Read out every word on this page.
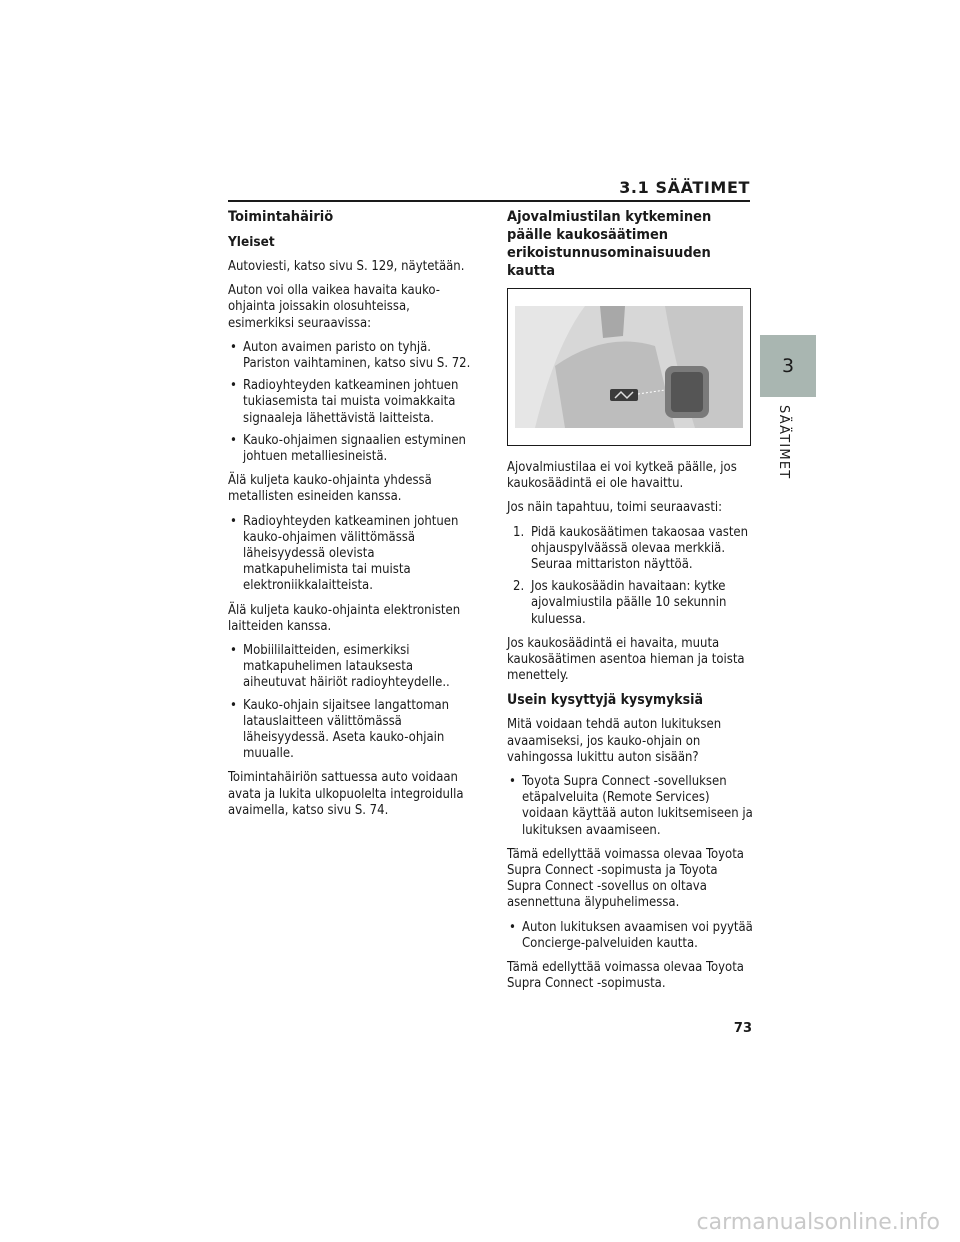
3.1 SÄÄTIMET
3
SÄÄTIMET
Toimintahäiriö
Yleiset

Autoviesti, katso sivu S. 129, näytetään.

Auton voi olla vaikea havaita kauko-ohjainta joissakin olosuhteissa, esimerkiksi seuraavissa:

• Auton avaimen paristo on tyhjä. Pariston vaihtaminen, katso sivu S. 72.
• Radioyhteyden katkeaminen johtuen tukiasemista tai muista voimakkaita signaaleja lähettävistä laitteista.
• Kauko-ohjaimen signaalien estyminen johtuen metalliesineistä.

Älä kuljeta kauko-ohjainta yhdessä metallisten esineiden kanssa.

• Radioyhteyden katkeaminen johtuen kauko-ohjaimen välittömässä läheisyydessä olevista matkapuhelimista tai muista elektroniikkalaitteista.

Älä kuljeta kauko-ohjainta elektronisten laitteiden kanssa.

• Mobiililaitteiden, esimerkiksi matkapuhelimen latauksesta aiheutuvat häiriöt radioyhteydelle..
• Kauko-ohjain sijaitsee langattoman latauslaitteen välittömässä läheisyydessä. Aseta kauko-ohjain muualle.

Toimintahäiriön sattuessa auto voidaan avata ja lukita ulkopuolelta integroidulla avaimella, katso sivu S. 74.

Ajovalmiustilan kytkeminen päälle kaukosäätimen erikoistunnusominaisuuden kautta

Ajovalmiustilaa ei voi kytkeä päälle, jos kaukosäädintä ei ole havaittu.

Jos näin tapahtuu, toimi seuraavasti:

1. Pidä kaukosäätimen takaosaa vasten ohjauspylväässä olevaa merkkiä. Seuraa mittariston näyttöä.
2. Jos kaukosäädin havaitaan: kytke ajovalmiustila päälle 10 sekunnin kuluessa.

Jos kaukosäädintä ei havaita, muuta kaukosäätimen asentoa hieman ja toista menettely.

Usein kysyttyjä kysymyksiä

Mitä voidaan tehdä auton lukituksen avaamiseksi, jos kauko-ohjain on vahingossa lukittu auton sisään?

• Toyota Supra Connect -sovelluksen etäpalveluita (Remote Services) voidaan käyttää auton lukitsemiseen ja lukituksen avaamiseen.

Tämä edellyttää voimassa olevaa Toyota Supra Connect -sopimusta ja Toyota Supra Connect -sovellus on oltava asennettuna älypuhelimessa.

• Auton lukituksen avaamisen voi pyytää Concierge-palveluiden kautta.

Tämä edellyttää voimassa olevaa Toyota Supra Connect -sopimusta.

73
carmanualsonline.info
